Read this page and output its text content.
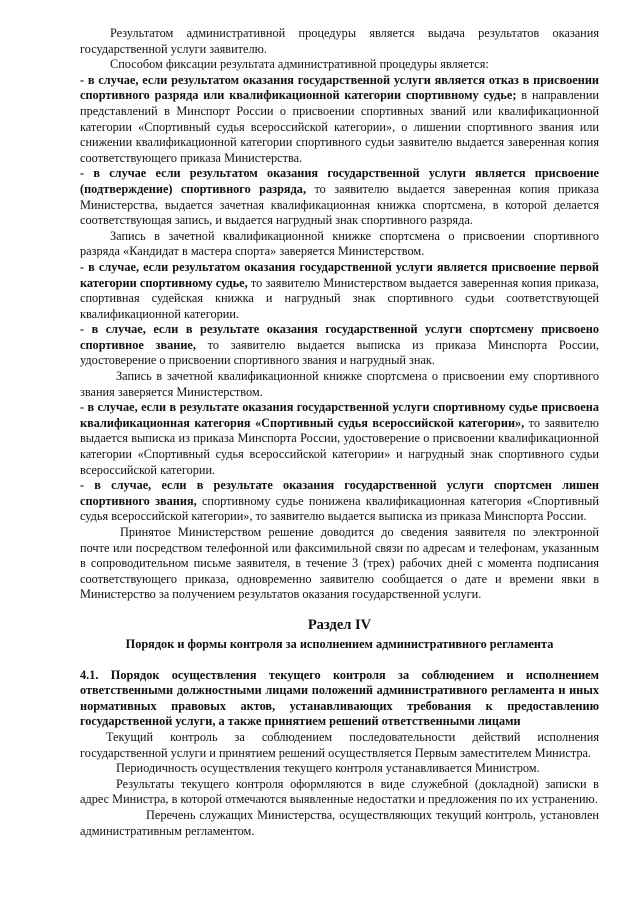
Результатом административной процедуры является выдача результатов оказания государственной услуги заявителю.

Способом фиксации результата административной процедуры является:

- в случае, если результатом оказания государственной услуги является отказ в присвоении спортивного разряда или квалификационной категории спортивному судье; в направлении представлений в Минспорт России о присвоении спортивных званий или квалификационной категории «Спортивный судья всероссийской категории», о лишении спортивного звания или снижении квалификационной категории спортивного судьи заявителю выдается заверенная копия соответствующего приказа Министерства.

- в случае если результатом оказания государственной услуги является присвоение (подтверждение) спортивного разряда, то заявителю выдается заверенная копия приказа Министерства, выдается зачетная квалификационная книжка спортсмена, в которой делается соответствующая запись, и выдается нагрудный знак спортивного разряда.

Запись в зачетной квалификационной книжке спортсмена о присвоении спортивного разряда «Кандидат в мастера спорта» заверяется Министерством.

- в случае, если результатом оказания государственной услуги является присвоение первой категории спортивному судье, то заявителю Министерством выдается заверенная копия приказа, спортивная судейская книжка и нагрудный знак спортивного судьи соответствующей квалификационной категории.

- в случае, если в результате оказания государственной услуги спортсмену присвоено спортивное звание, то заявителю выдается выписка из приказа Минспорта России, удостоверение о присвоении спортивного звания и нагрудный знак.

Запись в зачетной квалификационной книжке спортсмена о присвоении ему спортивного звания заверяется Министерством.

- в случае, если в результате оказания государственной услуги спортивному судье присвоена квалификационная категория «Спортивный судья всероссийской категории», то заявителю выдается выписка из приказа Минспорта России, удостоверение о присвоении квалификационной категории «Спортивный судья всероссийской категории» и нагрудный знак спортивного судьи всероссийской категории.

- в случае, если в результате оказания государственной услуги спортсмен лишен спортивного звания, спортивному судье понижена квалификационная категория «Спортивный судья всероссийской категории», то заявителю выдается выписка из приказа Минспорта России.

Принятое Министерством решение доводится до сведения заявителя по электронной почте или посредством телефонной или факсимильной связи по адресам и телефонам, указанным в сопроводительном письме заявителя, в течение 3 (трех) рабочих дней с момента подписания соответствующего приказа, одновременно заявителю сообщается о дате и времени явки в Министерство за получением результатов оказания государственной услуги.

Раздел IV
Порядок и формы контроля за исполнением административного регламента

4.1. Порядок осуществления текущего контроля за соблюдением и исполнением ответственными должностными лицами положений административного регламента и иных нормативных правовых актов, устанавливающих требования к предоставлению государственной услуги, а также принятием решений ответственными лицами

Текущий контроль за соблюдением последовательности действий исполнения государственной услуги и принятием решений осуществляется Первым заместителем Министра.

Периодичность осуществления текущего контроля устанавливается Министром.

Результаты текущего контроля оформляются в виде служебной (докладной) записки в адрес Министра, в которой отмечаются выявленные недостатки и предложения по их устранению.

Перечень служащих Министерства, осуществляющих текущий контроль, установлен административным регламентом.
